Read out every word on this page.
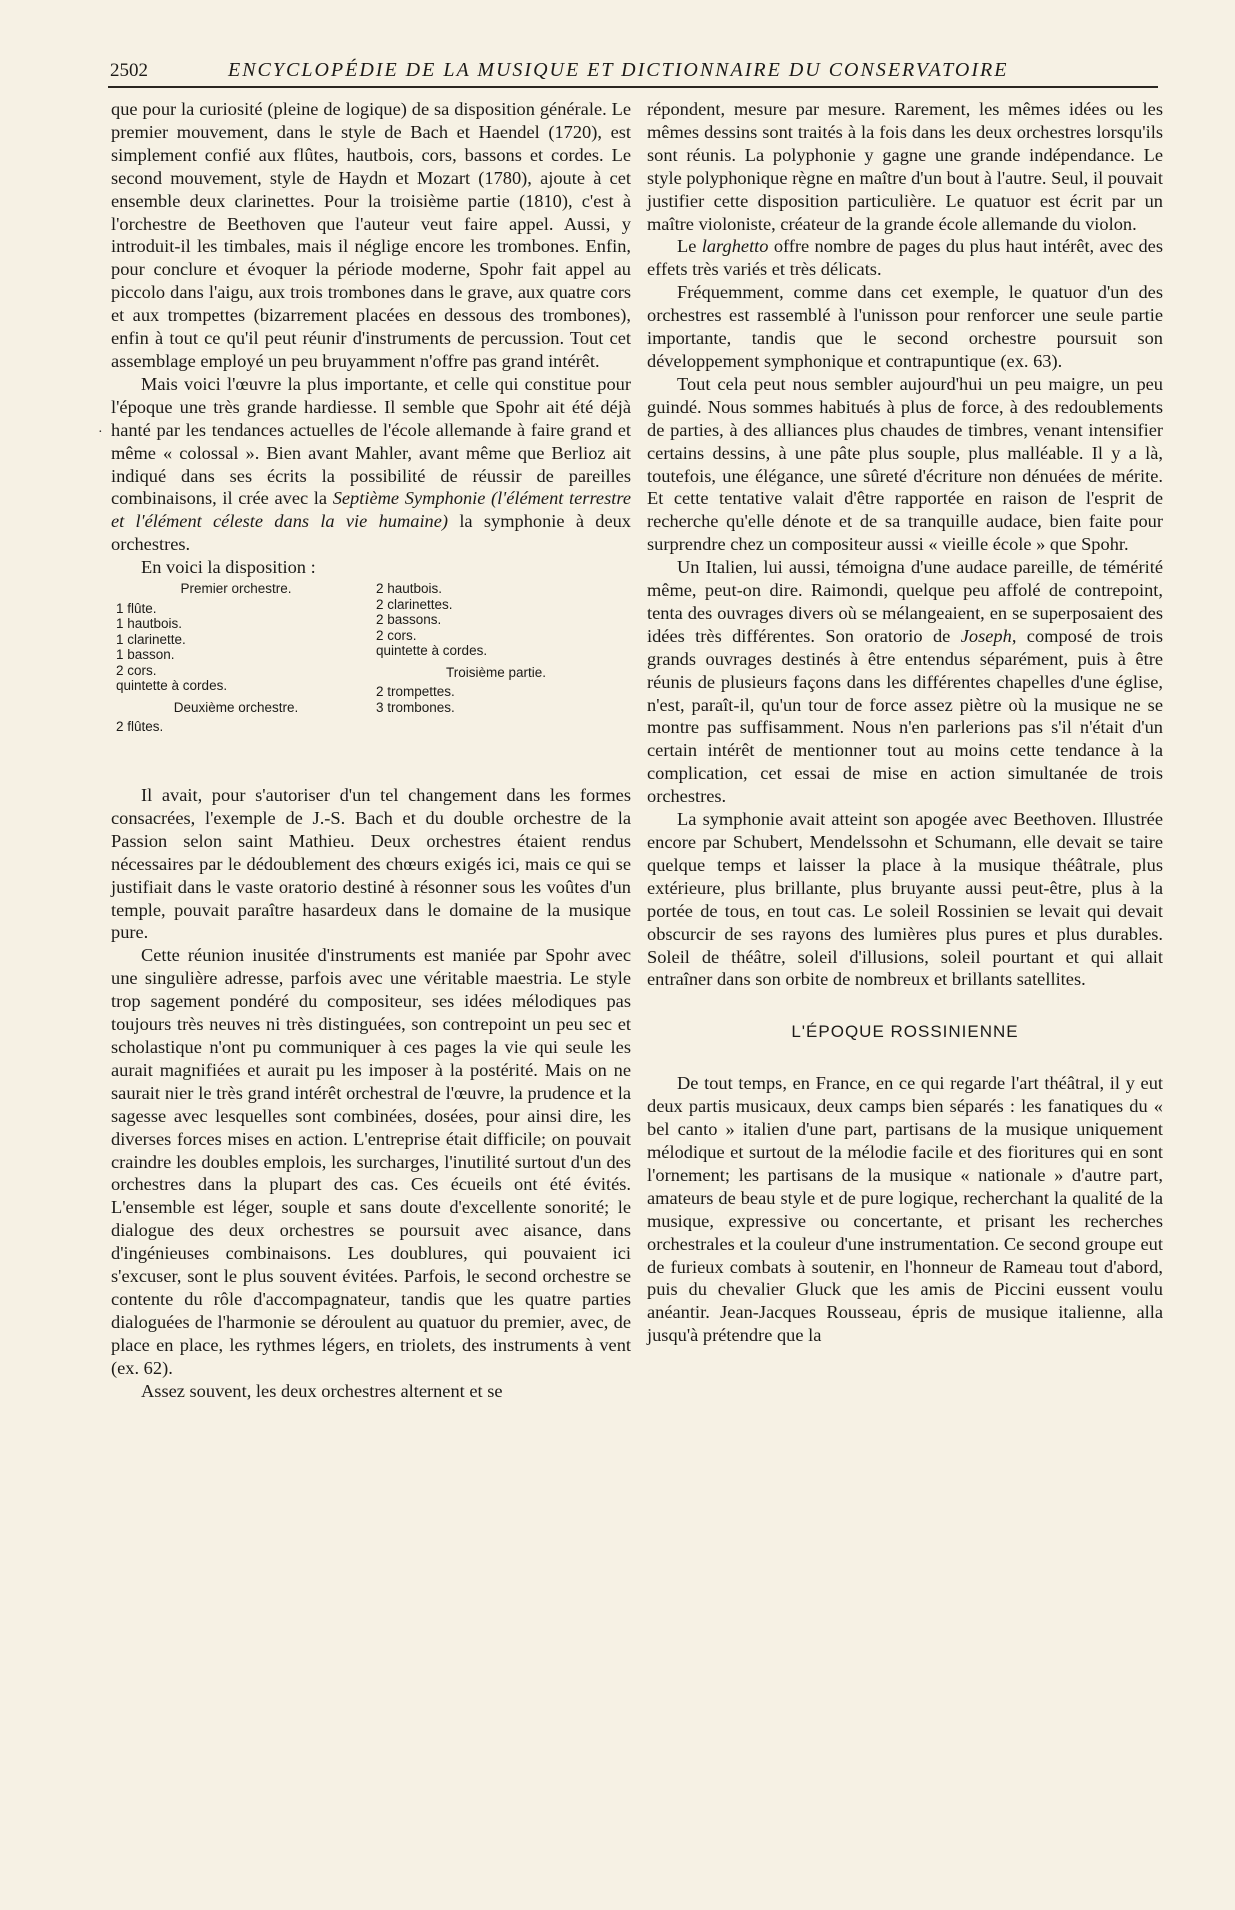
2502	ENCYCLOPÉDIE DE LA MUSIQUE ET DICTIONNAIRE DU CONSERVATOIRE
·

que pour la curiosité (pleine de logique) de sa disposition générale. Le premier mouvement, dans le style de Bach et Haendel (1720), est simplement confié aux flûtes, hautbois, cors, bassons et cordes. Le second mouvement, style de Haydn et Mozart (1780), ajoute à cet ensemble deux clarinettes. Pour la troisième partie (1810), c'est à l'orchestre de Beethoven que l'auteur veut faire appel. Aussi, y introduit-il les timbales, mais il néglige encore les trombones. Enfin, pour conclure et évoquer la période moderne, Spohr fait appel au piccolo dans l'aigu, aux trois trombones dans le grave, aux quatre cors et aux trompettes (bizarrement placées en dessous des trombones), enfin à tout ce qu'il peut réunir d'instruments de percussion. Tout cet assemblage employé un peu bruyamment n'offre pas grand intérêt.

Mais voici l'œuvre la plus importante, et celle qui constitue pour l'époque une très grande hardiesse. Il semble que Spohr ait été déjà hanté par les tendances actuelles de l'école allemande à faire grand et même « colossal ». Bien avant Mahler, avant même que Berlioz ait indiqué dans ses écrits la possibilité de réussir de pareilles combinaisons, il crée avec la Septième Symphonie (l'élément terrestre et l'élément céleste dans la vie humaine) la symphonie à deux orchestres.

En voici la disposition :

Premier orchestre.
1 flûte.
1 hautbois.
1 clarinette.
1 basson.
2 cors.
quintette à cordes.
Deuxième orchestre.
2 flûtes.
2 hautbois.
2 clarinettes.
2 bassons.
2 cors.
quintette à cordes.
Troisième partie.
2 trompettes.
3 trombones.

Il avait, pour s'autoriser d'un tel changement dans les formes consacrées, l'exemple de J.-S. Bach et du double orchestre de la Passion selon saint Mathieu. Deux orchestres étaient rendus nécessaires par le dédoublement des chœurs exigés ici, mais ce qui se justifiait dans le vaste oratorio destiné à résonner sous les voûtes d'un temple, pouvait paraître hasardeux dans le domaine de la musique pure.

Cette réunion inusitée d'instruments est maniée par Spohr avec une singulière adresse, parfois avec une véritable maestria. Le style trop sagement pondéré du compositeur, ses idées mélodiques pas toujours très neuves ni très distinguées, son contrepoint un peu sec et scholastique n'ont pu communiquer à ces pages la vie qui seule les aurait magnifiées et aurait pu les imposer à la postérité. Mais on ne saurait nier le très grand intérêt orchestral de l'œuvre, la prudence et la sagesse avec lesquelles sont combinées, dosées, pour ainsi dire, les diverses forces mises en action. L'entreprise était difficile; on pouvait craindre les doubles emplois, les surcharges, l'inutilité surtout d'un des orchestres dans la plupart des cas. Ces écueils ont été évités. L'ensemble est léger, souple et sans doute d'excellente sonorité; le dialogue des deux orchestres se poursuit avec aisance, dans d'ingénieuses combinaisons. Les doublures, qui pouvaient ici s'excuser, sont le plus souvent évitées. Parfois, le second orchestre se contente du rôle d'accompagnateur, tandis que les quatre parties dialoguées de l'harmonie se déroulent au quatuor du premier, avec, de place en place, les rythmes légers, en triolets, des instruments à vent (ex. 62).

Assez souvent, les deux orchestres alternent et se

répondent, mesure par mesure. Rarement, les mêmes idées ou les mêmes dessins sont traités à la fois dans les deux orchestres lorsqu'ils sont réunis. La polyphonie y gagne une grande indépendance. Le style polyphonique règne en maître d'un bout à l'autre. Seul, il pouvait justifier cette disposition particulière. Le quatuor est écrit par un maître violoniste, créateur de la grande école allemande du violon.

Le larghetto offre nombre de pages du plus haut intérêt, avec des effets très variés et très délicats.

Fréquemment, comme dans cet exemple, le quatuor d'un des orchestres est rassemblé à l'unisson pour renforcer une seule partie importante, tandis que le second orchestre poursuit son développement symphonique et contrapuntique (ex. 63).

Tout cela peut nous sembler aujourd'hui un peu maigre, un peu guindé. Nous sommes habitués à plus de force, à des redoublements de parties, à des alliances plus chaudes de timbres, venant intensifier certains dessins, à une pâte plus souple, plus malléable. Il y a là, toutefois, une élégance, une sûreté d'écriture non dénuées de mérite. Et cette tentative valait d'être rapportée en raison de l'esprit de recherche qu'elle dénote et de sa tranquille audace, bien faite pour surprendre chez un compositeur aussi « vieille école » que Spohr.

Un Italien, lui aussi, témoigna d'une audace pareille, de témérité même, peut-on dire. Raimondi, quelque peu affolé de contrepoint, tenta des ouvrages divers où se mélangeaient, en se superposaient des idées très différentes. Son oratorio de Joseph, composé de trois grands ouvrages destinés à être entendus séparément, puis à être réunis de plusieurs façons dans les différentes chapelles d'une église, n'est, paraît-il, qu'un tour de force assez piètre où la musique ne se montre pas suffisamment. Nous n'en parlerions pas s'il n'était d'un certain intérêt de mentionner tout au moins cette tendance à la complication, cet essai de mise en action simultanée de trois orchestres.

La symphonie avait atteint son apogée avec Beethoven. Illustrée encore par Schubert, Mendelssohn et Schumann, elle devait se taire quelque temps et laisser la place à la musique théâtrale, plus extérieure, plus brillante, plus bruyante aussi peut-être, plus à la portée de tous, en tout cas. Le soleil Rossinien se levait qui devait obscurcir de ses rayons des lumières plus pures et plus durables. Soleil de théâtre, soleil d'illusions, soleil pourtant et qui allait entraîner dans son orbite de nombreux et brillants satellites.

L'ÉPOQUE ROSSINIENNE

De tout temps, en France, en ce qui regarde l'art théâtral, il y eut deux partis musicaux, deux camps bien séparés : les fanatiques du « bel canto » italien d'une part, partisans de la musique uniquement mélodique et surtout de la mélodie facile et des fioritures qui en sont l'ornement; les partisans de la musique « nationale » d'autre part, amateurs de beau style et de pure logique, recherchant la qualité de la musique, expressive ou concertante, et prisant les recherches orchestrales et la couleur d'une instrumentation. Ce second groupe eut de furieux combats à soutenir, en l'honneur de Rameau tout d'abord, puis du chevalier Gluck que les amis de Piccini eussent voulu anéantir. Jean-Jacques Rousseau, épris de musique italienne, alla jusqu'à prétendre que la
